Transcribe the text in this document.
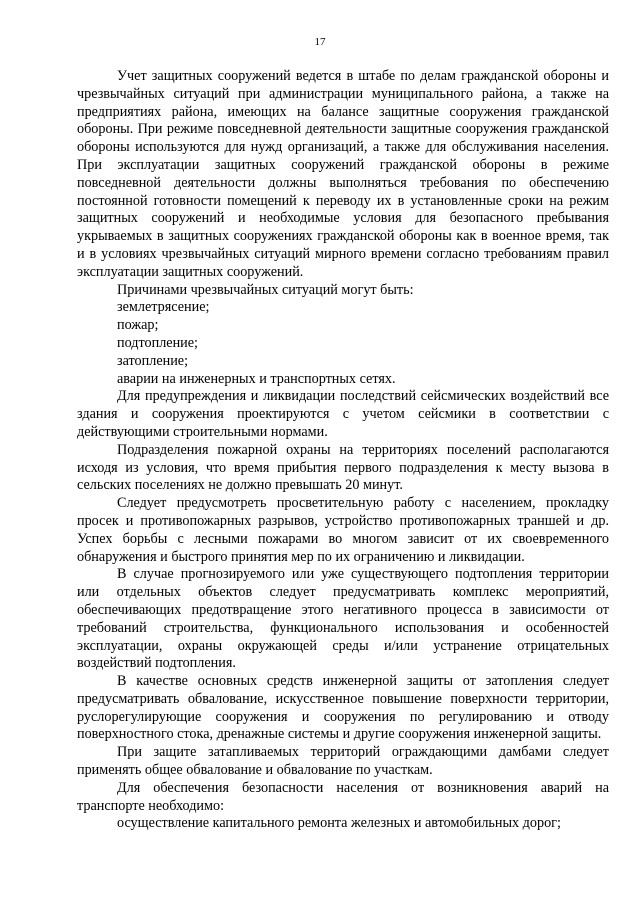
17

Учет защитных сооружений ведется в штабе по делам гражданской обороны и чрезвычайных ситуаций при администрации муниципального района, а также на предприятиях района, имеющих на балансе защитные сооружения гражданской обороны. При режиме повседневной деятельности защитные сооружения гражданской обороны используются для нужд организаций, а также для обслуживания населения. При эксплуатации защитных сооружений гражданской обороны в режиме повседневной деятельности должны выполняться требования по обеспечению постоянной готовности помещений к переводу их в установленные сроки на режим защитных сооружений и необходимые условия для безопасного пребывания укрываемых в защитных сооружениях гражданской обороны как в военное время, так и в условиях чрезвычайных ситуаций мирного времени согласно требованиям правил эксплуатации защитных сооружений.

Причинами чрезвычайных ситуаций могут быть:

землетрясение;

пожар;

подтопление;

затопление;

аварии на инженерных и транспортных сетях.

Для предупреждения и ликвидации последствий сейсмических воздействий все здания и сооружения проектируются с учетом сейсмики в соответствии с действующими строительными нормами.

Подразделения пожарной охраны на территориях поселений располагаются исходя из условия, что время прибытия первого подразделения к месту вызова в сельских поселениях не должно превышать 20 минут.

Следует предусмотреть просветительную работу с населением, прокладку просек и противопожарных разрывов, устройство противопожарных траншей и др. Успех борьбы с лесными пожарами во многом зависит от их своевременного обнаружения и быстрого принятия мер по их ограничению и ликвидации.

В случае прогнозируемого или уже существующего подтопления территории или отдельных объектов следует предусматривать комплекс мероприятий, обеспечивающих предотвращение этого негативного процесса в зависимости от требований строительства, функционального использования и особенностей эксплуатации, охраны окружающей среды и/или устранение отрицательных воздействий подтопления.

В качестве основных средств инженерной защиты от затопления следует предусматривать обвалование, искусственное повышение поверхности территории, руслорегулирующие сооружения и сооружения по регулированию и отводу поверхностного стока, дренажные системы и другие сооружения инженерной защиты.

При защите затапливаемых территорий ограждающими дамбами следует применять общее обвалование и обвалование по участкам.

Для обеспечения безопасности населения от возникновения аварий на транспорте необходимо:

осуществление капитального ремонта железных и автомобильных дорог;
